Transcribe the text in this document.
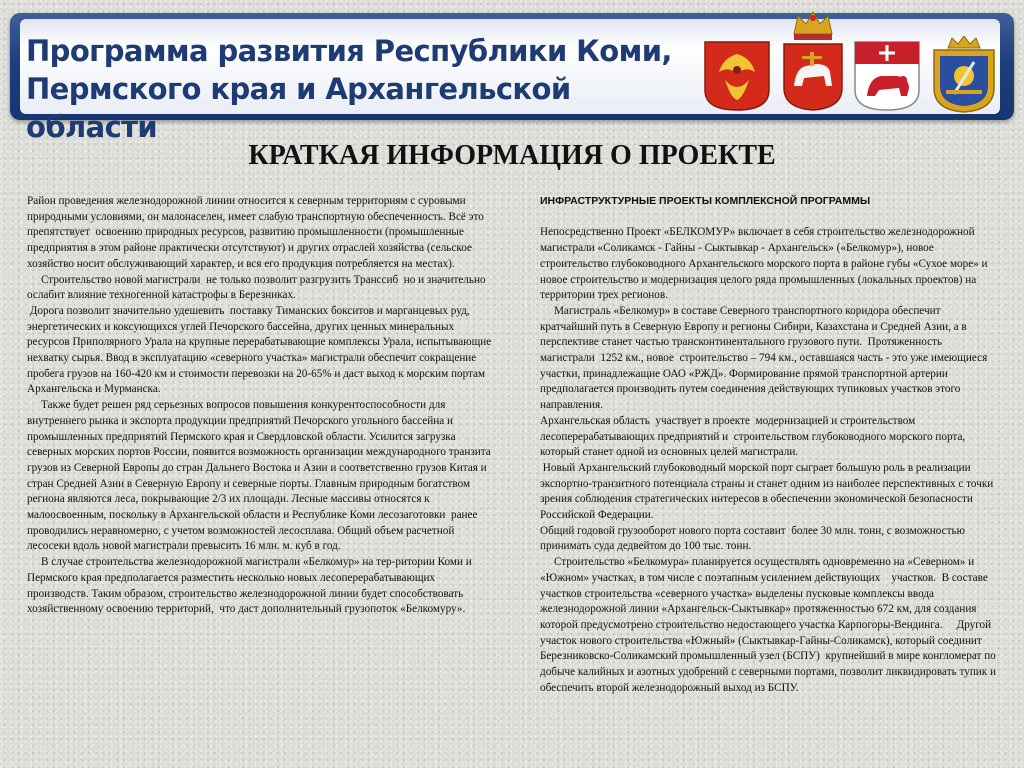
Программа развития Республики Коми,
Пермского края и Архангельской области
КРАТКАЯ ИНФОРМАЦИЯ О ПРОЕКТЕ

Район проведения железнодорожной линии относится к северным территориям с суровыми природными условиями, он малонаселен, имеет слабую транспортную обеспеченность. Всё это препятствует  освоению природных ресурсов, развитию промышленности (промышленные предприятия в этом районе практически отсутствуют) и других отраслей хозяйства (сельское хозяйство носит обслуживающий характер, и вся его продукция потребляется на местах).

Строительство новой магистрали  не только позволит разгрузить Транссиб  но и значительно ослабит влияние техногенной катастрофы в Березниках.

Дорога позволит значительно удешевить  поставку Тиманских бокситов и марганцевых руд, энергетических и коксующихся углей Печорского бассейна, других ценных минеральных ресурсов Приполярного Урала на крупные перерабатывающие комплексы Урала, испытывающие нехватку сырья. Ввод в эксплуатацию «северного участка» магистрали обеспечит сокращение пробега грузов на 160-420 км и стоимости перевозки на 20-65% и даст выход к морским портам Архангельска и Мурманска.

Также будет решен ряд серьезных вопросов повышения конкурентоспособности для внутреннего рынка и экспорта продукции предприятий Печорского угольного бассейна и промышленных предприятий Пермского края и Свердловской области. Усилится загрузка северных морских портов России, появится возможность организации международного транзита грузов из Северной Европы до стран Дальнего Востока и Азии и соответственно грузов Китая и стран Средней Азии в Северную Европу и северные порты. Главным природным богатством региона являются леса, покрывающие 2/3 их площади. Лесные массивы относятся к малоосвоенным, поскольку в Архангельской области и Республике Коми лесозаготовки  ранее проводились неравномерно, с учетом возможностей лесосплава. Общий объем расчетной лесосеки вдоль новой магистрали превысить 16 млн. м. куб в год.

В случае строительства железнодорожной магистрали «Белкомур» на тер-ритории Коми и Пермского края предполагается разместить несколько новых лесоперерабатывающих производств. Таким образом, строительство железнодорожной линии будет способствовать  хозяйственному освоению территорий,  что даст дополнительный грузопоток «Белкомуру».

ИНФРАСТРУКТУРНЫЕ ПРОЕКТЫ КОМПЛЕКСНОЙ ПРОГРАММЫ

Непосредственно Проект «БЕЛКОМУР» включает в себя строительство железнодорожной магистрали «Соликамск - Гайны - Сыктывкар - Архангельск» («Белкомур»), новое строительство глубоководного Архангельского морского порта в районе губы «Сухое море» и новое строительство и модернизация целого ряда промышленных (локальных проектов) на территории трех регионов.

Магистраль «Белкомур» в составе Северного транспортного коридора обеспечит кратчайший путь в Северную Европу и регионы Сибири, Казахстана и Средней Азии, а в перспективе станет частью трансконтинентального грузового пути.  Протяженность  магистрали  1252 км., новое  строительство – 794 км., оставшаяся часть - это уже имеющиеся участки, принадлежащие ОАО «РЖД». Формирование прямой транспортной артерии предполагается производить путем соединения действующих тупиковых участков этого направления.

Архангельская область  участвует в проекте  модернизацией и строительством лесоперерабатывающих предприятий и  строительством глубоководного морского порта, который станет одной из основных целей магистрали.

Новый Архангельский глубоководный морской порт сыграет большую роль в реализации экспортно-транзитного потенциала страны и станет одним из наиболее перспективных с точки зрения соблюдения стратегических интересов в обеспечении экономической безопасности Российской Федерации.

Общий годовой грузооборот нового порта составит  более 30 млн. тонн, с возможностью  принимать суда дедвейтом до 100 тыс. тонн.

Строительство «Белкомура» планируется осуществлять одновременно на «Северном» и «Южном» участках, в том числе с поэтапным усилением действующих    участков.  В составе участков строительства «северного участка» выделены пусковые комплексы ввода железнодорожной линии «Архангельск-Сыктывкар» протяженностью 672 км, для создания которой предусмотрено строительство недостающего участка Карпогоры-Вендинга.     Другой участок нового строительства «Южный» (Сыктывкар-Гайны-Соликамск), который соединит Березниковско-Соликамский промышленный узел (БСПУ)  крупнейший в мире конгломерат по добыче калийных и азотных удобрений с северными портами, позволит ликвидировать тупик и обеспечить второй железнодорожный выход из БСПУ.
